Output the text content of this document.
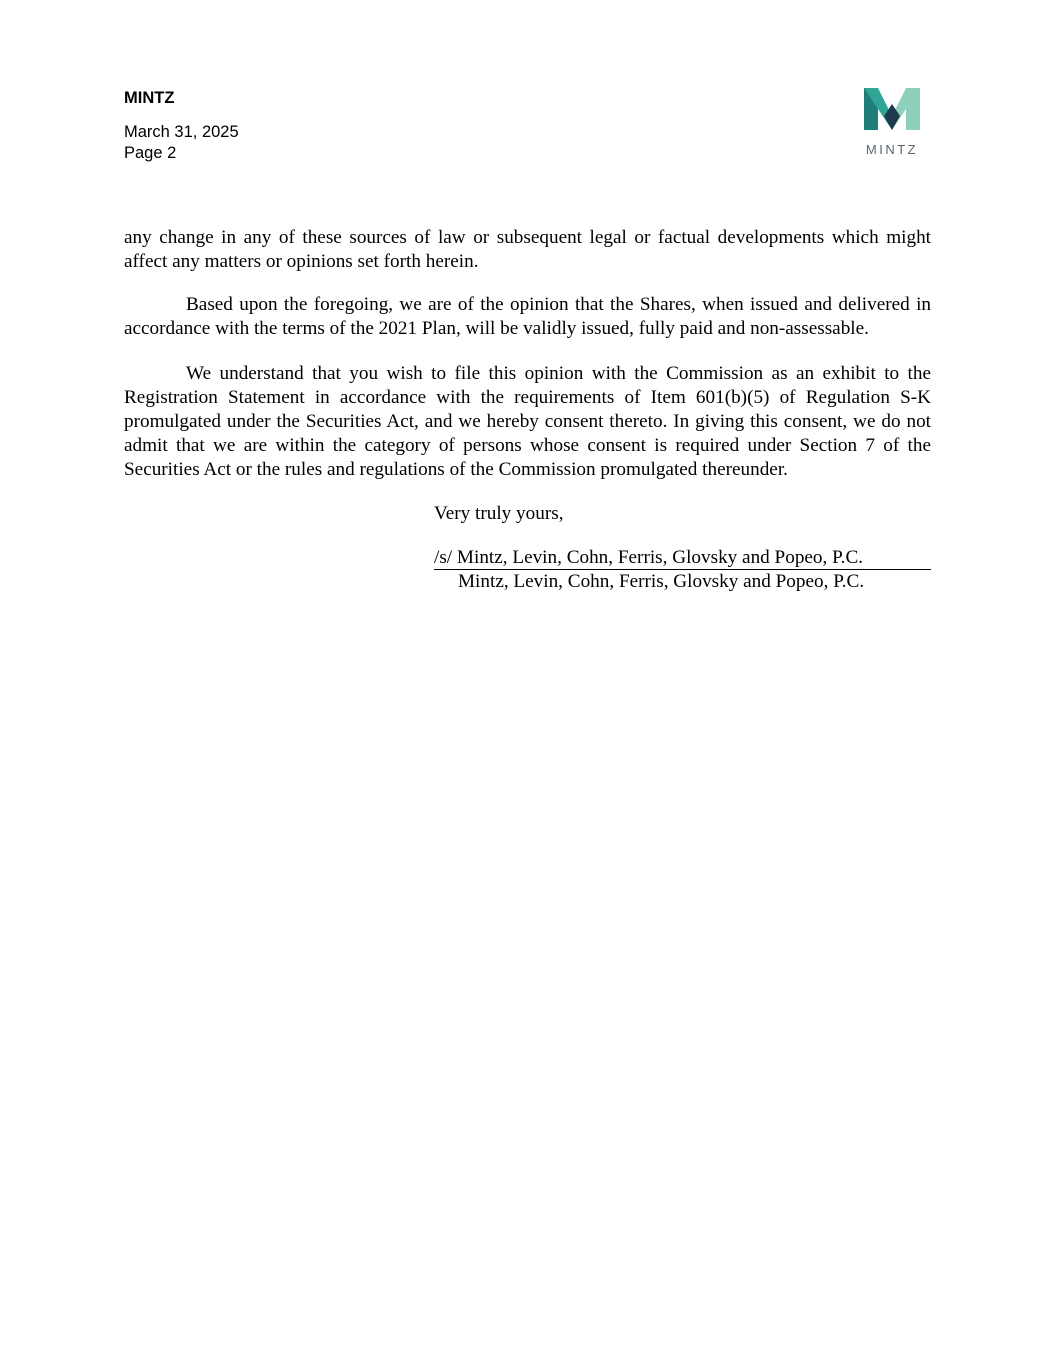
MINTZ
March 31, 2025
Page 2	MINTZ
any change in any of these sources of law or subsequent legal or factual developments which might affect any matters or opinions set forth herein.
Based upon the foregoing, we are of the opinion that the Shares, when issued and delivered in accordance with the terms of the 2021 Plan, will be validly issued, fully paid and non-assessable.
We understand that you wish to file this opinion with the Commission as an exhibit to the Registration Statement in accordance with the requirements of Item 601(b)(5) of Regulation S-K promulgated under the Securities Act, and we hereby consent thereto. In giving this consent, we do not admit that we are within the category of persons whose consent is required under Section 7 of the Securities Act or the rules and regulations of the Commission promulgated thereunder.
Very truly yours,
/s/ Mintz, Levin, Cohn, Ferris, Glovsky and Popeo, P.C.
Mintz, Levin, Cohn, Ferris, Glovsky and Popeo, P.C.
